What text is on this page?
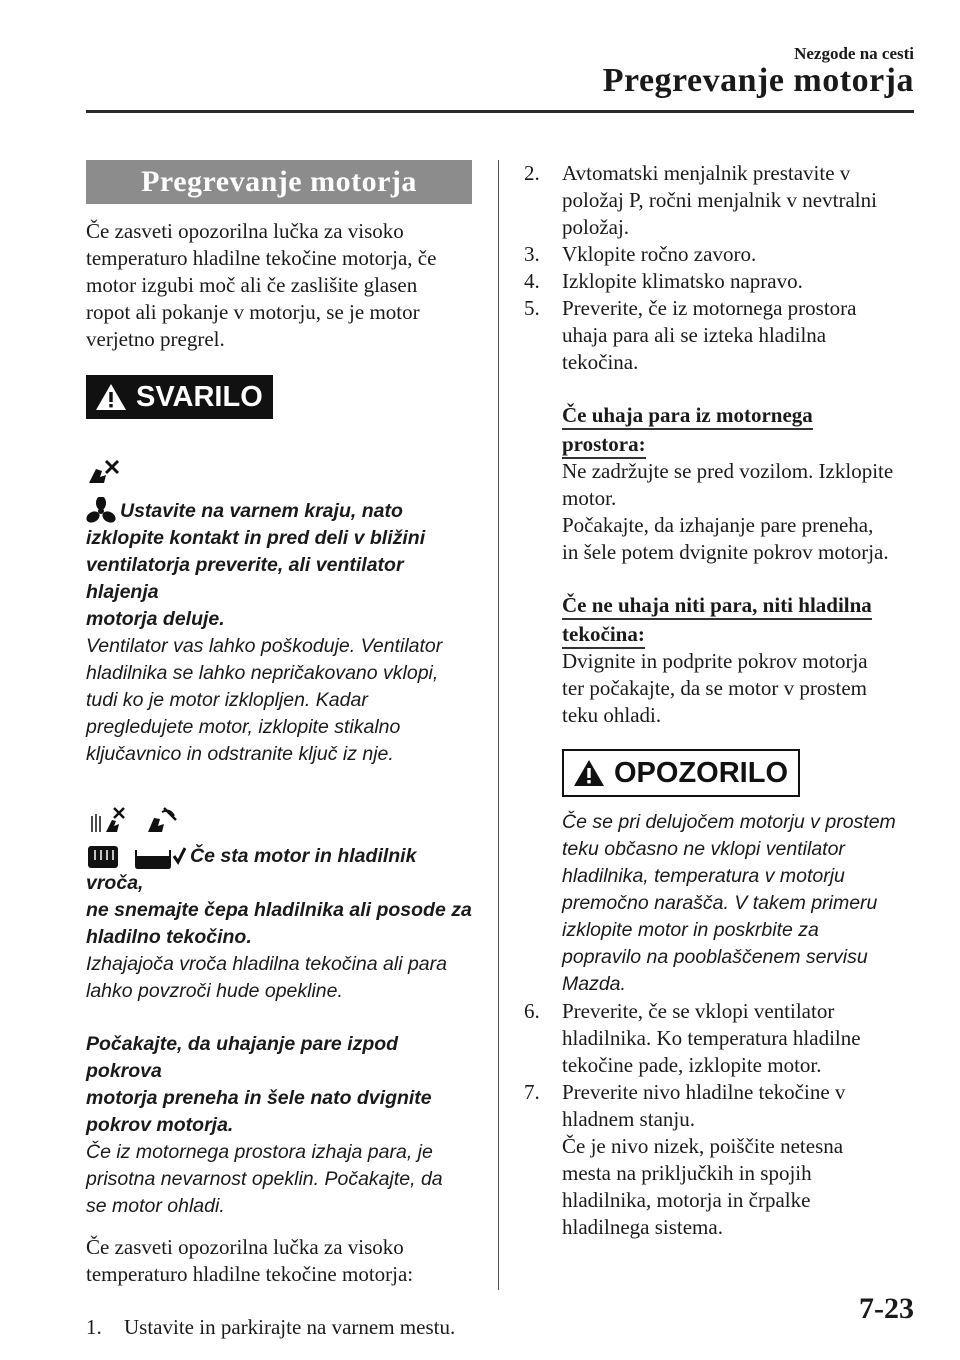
Nezgode na cesti
Pregrevanje motorja
Pregrevanje motorja

Če zasveti opozorilna lučka za visoko

temperaturo hladilne tekočine motorja, če

motor izgubi moč ali če zaslišite glasen

ropot ali pokanje v motorju, se je motor

verjetno pregrel.

SVARILO
Ustavite na varnem kraju, nato
izklopite kontakt in pred deli v bližini
ventilatorja preverite, ali ventilator hlajenja
motorja deluje.

Ventilator vas lahko poškoduje. Ventilator

hladilnika se lahko nepričakovano vklopi,

tudi ko je motor izklopljen. Kadar

pregledujete motor, izklopite stikalno

ključavnico in odstranite ključ iz nje.

Če sta motor in hladilnik vroča,
ne snemajte čepa hladilnika ali posode za
hladilno tekočino.

Izhajajoča vroča hladilna tekočina ali para

lahko povzroči hude opekline.

Počakajte, da uhajanje pare izpod pokrova
motorja preneha in šele nato dvignite
pokrov motorja.

Če iz motornega prostora izhaja para, je

prisotna nevarnost opeklin. Počakajte, da

se motor ohladi.

Če zasveti opozorilna lučka za visoko

temperaturo hladilne tekočine motorja:

1. Ustavite in parkirajte na varnem mestu.
2. Avtomatski menjalnik prestavite v
položaj P, ročni menjalnik v nevtralni
položaj.
3. Vklopite ročno zavoro.
4. Izklopite klimatsko napravo.
5. Preverite, če iz motornega prostora
uhaja para ali se izteka hladilna
tekočina.
Če uhaja para iz motornega
prostora:

Ne zadržujte se pred vozilom. Izklopite

motor.

Počakajte, da izhajanje pare preneha,

in šele potem dvignite pokrov motorja.

Če ne uhaja niti para, niti hladilna
tekočina:

Dvignite in podprite pokrov motorja

ter počakajte, da se motor v prostem

teku ohladi.

OPOZORILO

Če se pri delujočem motorju v prostem

teku občasno ne vklopi ventilator

hladilnika, temperatura v motorju

premočno narašča. V takem primeru

izklopite motor in poskrbite za

popravilo na pooblaščenem servisu

Mazda.

6. Preverite, če se vklopi ventilator
hladilnika. Ko temperatura hladilne
tekočine pade, izklopite motor.
7. Preverite nivo hladilne tekočine v
hladnem stanju.
Če je nivo nizek, poiščite netesna
mesta na priključkih in spojih
hladilnika, motorja in črpalke
hladilnega sistema.
7-23
